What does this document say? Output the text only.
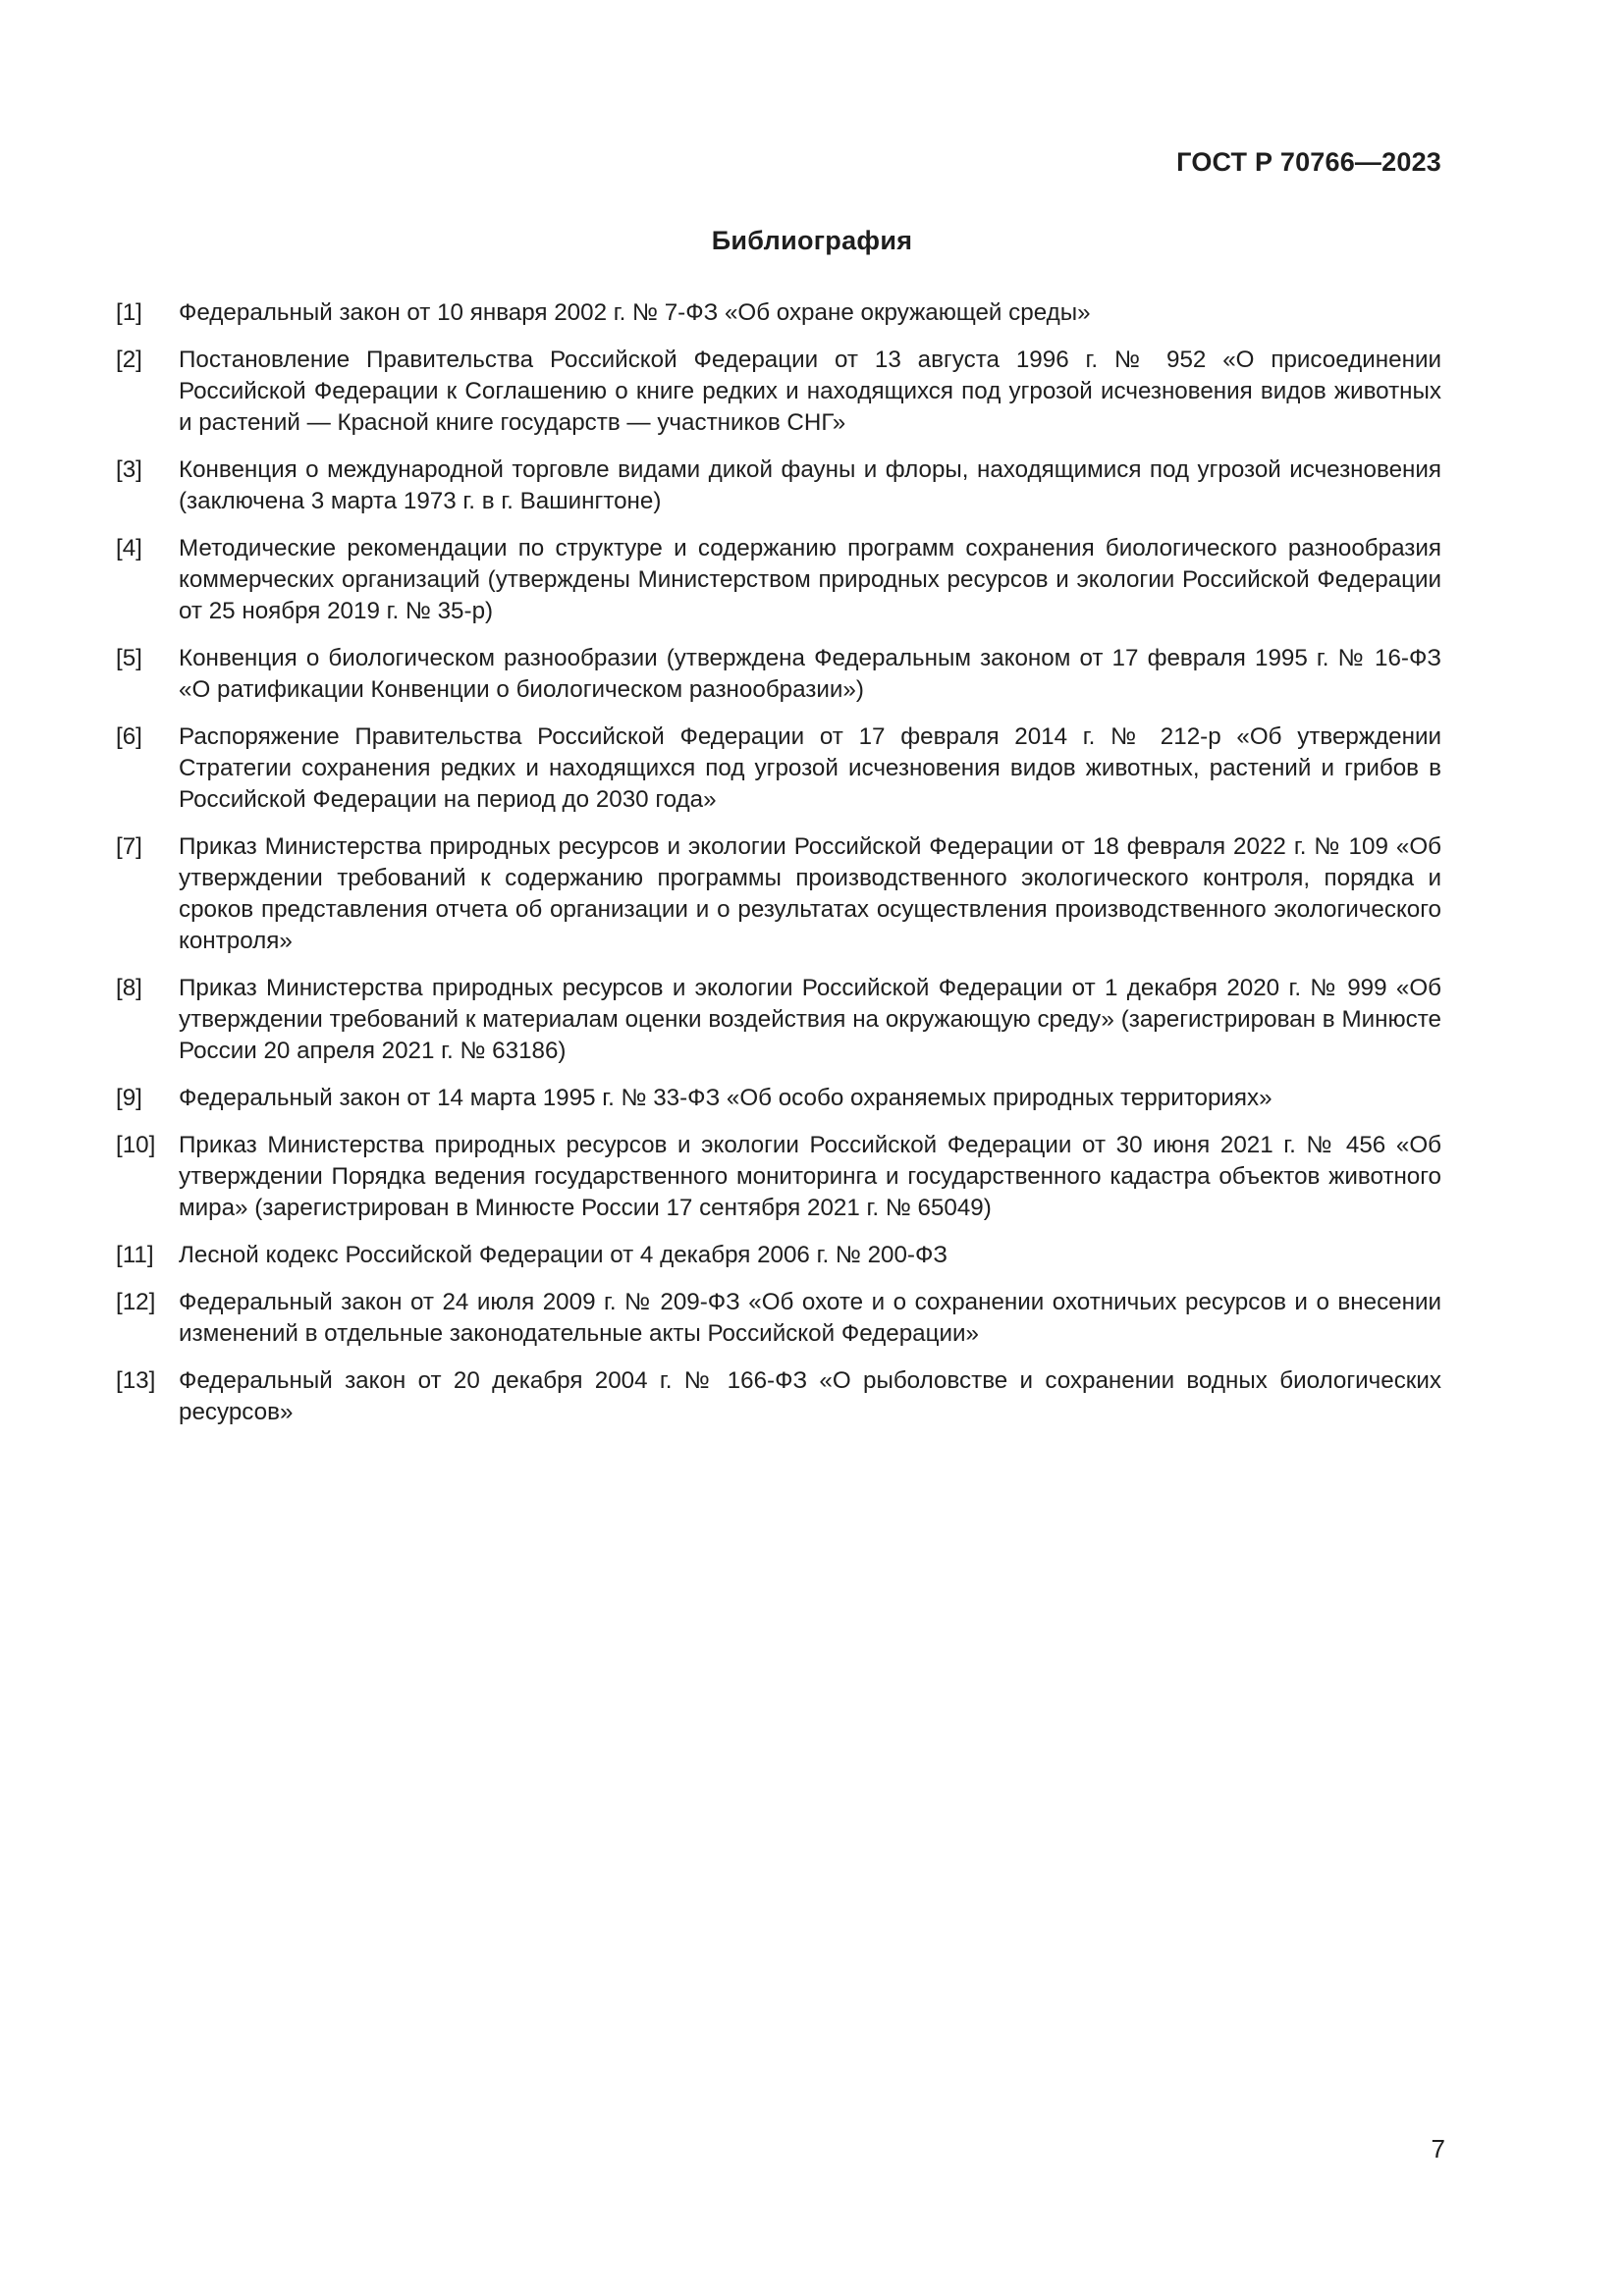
ГОСТ Р 70766—2023
Библиография
[1]	Федеральный закон от 10 января 2002 г. № 7-ФЗ «Об охране окружающей среды»
[2]	Постановление Правительства Российской Федерации от 13 августа 1996 г. № 952 «О присоединении Российской Федерации к Соглашению о книге редких и находящихся под угрозой исчезновения видов животных и растений — Красной книге государств — участников СНГ»
[3]	Конвенция о международной торговле видами дикой фауны и флоры, находящимися под угрозой исчезновения (заключена 3 марта 1973 г. в г. Вашингтоне)
[4]	Методические рекомендации по структуре и содержанию программ сохранения биологического разнообразия коммерческих организаций (утверждены Министерством природных ресурсов и экологии Российской Федерации от 25 ноября 2019 г. № 35-р)
[5]	Конвенция о биологическом разнообразии (утверждена Федеральным законом от 17 февраля 1995 г. № 16-ФЗ «О ратификации Конвенции о биологическом разнообразии»)
[6]	Распоряжение Правительства Российской Федерации от 17 февраля 2014 г. № 212-р «Об утверждении Стратегии сохранения редких и находящихся под угрозой исчезновения видов животных, растений и грибов в Российской Федерации на период до 2030 года»
[7]	Приказ Министерства природных ресурсов и экологии Российской Федерации от 18 февраля 2022 г. № 109 «Об утверждении требований к содержанию программы производственного экологического контроля, порядка и сроков представления отчета об организации и о результатах осуществления производственного экологического контроля»
[8]	Приказ Министерства природных ресурсов и экологии Российской Федерации от 1 декабря 2020 г. № 999 «Об утверждении требований к материалам оценки воздействия на окружающую среду» (зарегистрирован в Минюсте России 20 апреля 2021 г. № 63186)
[9]	Федеральный закон от 14 марта 1995 г. № 33-ФЗ «Об особо охраняемых природных территориях»
[10] Приказ Министерства природных ресурсов и экологии Российской Федерации от 30 июня 2021 г. № 456 «Об утверждении Порядка ведения государственного мониторинга и государственного кадастра объектов животного мира» (зарегистрирован в Минюсте России 17 сентября 2021 г. № 65049)
[11]	Лесной кодекс Российской Федерации от 4 декабря 2006 г. № 200-ФЗ
[12] Федеральный закон от 24 июля 2009 г. № 209-ФЗ «Об охоте и о сохранении охотничьих ресурсов и о внесении изменений в отдельные законодательные акты Российской Федерации»
[13] Федеральный закон от 20 декабря 2004 г. № 166-ФЗ «О рыболовстве и сохранении водных биологических ресурсов»
7
